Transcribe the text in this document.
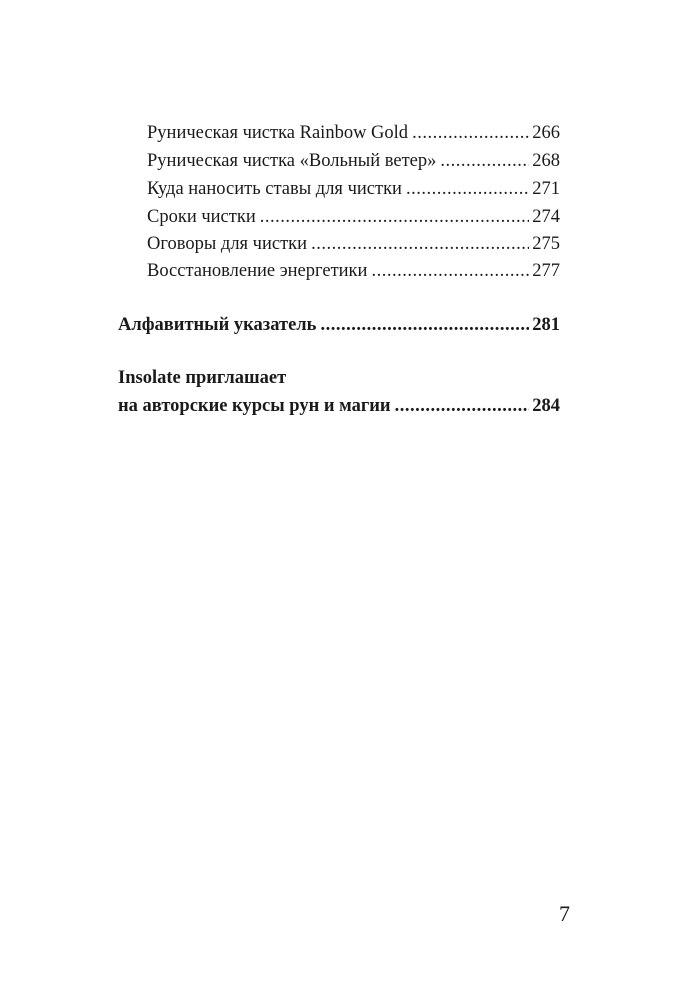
Руническая чистка Rainbow Gold .....	266
Руническая чистка «Вольный ветер» .....	268
Куда наносить ставы для чистки .....	271
Сроки чистки .....	274
Оговоры для чистки .....	275
Восстановление энергетики .....	277
Алфавитный указатель .....	281
Insolate приглашает
на авторские курсы рун и магии .....	284
7
